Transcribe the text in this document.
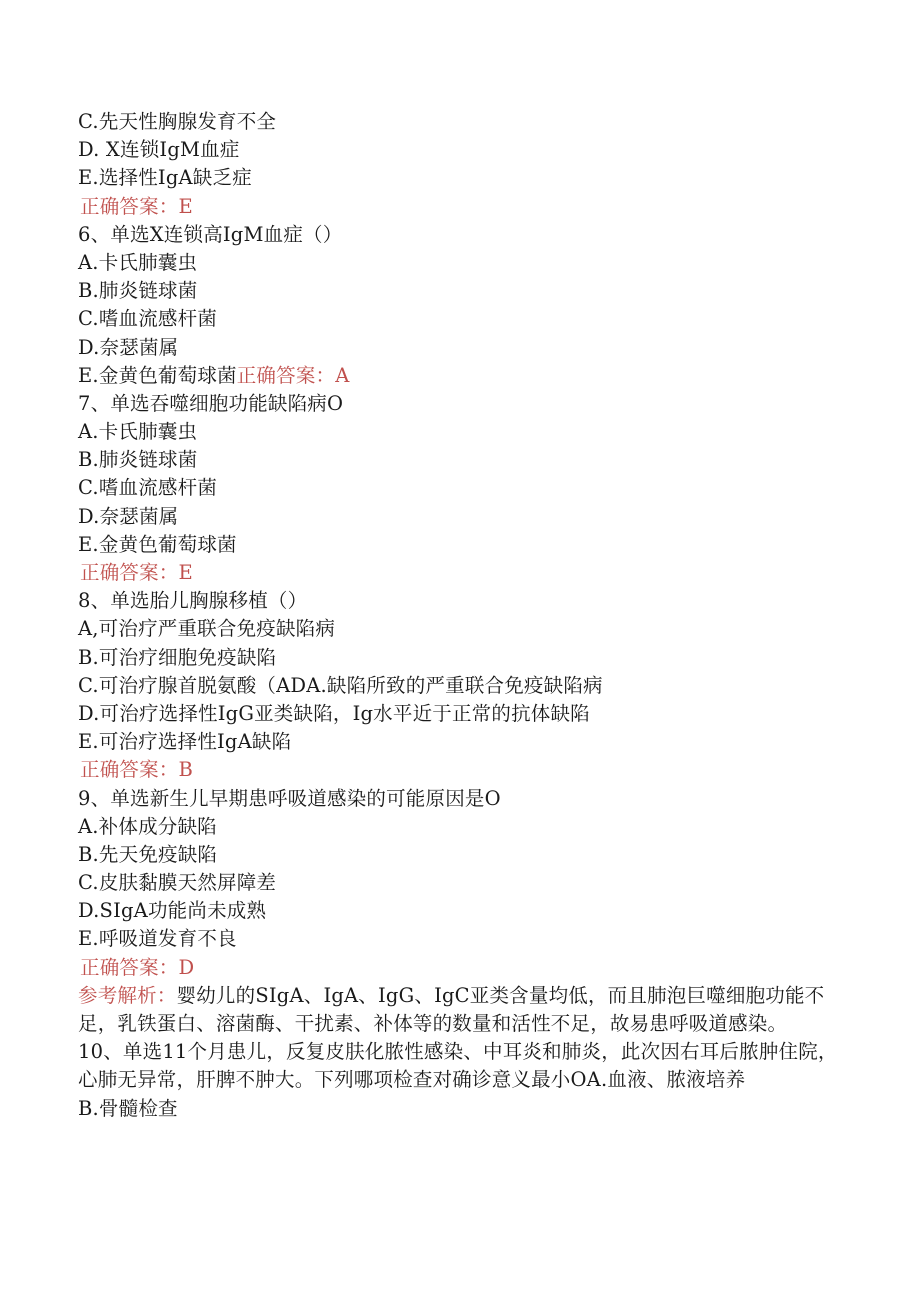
C.先天性胸腺发育不全
D. X连锁IgM血症
E.选择性IgA缺乏症
正确答案：E
6、单选X连锁高IgM血症（）
A.卡氏肺囊虫
B.肺炎链球菌
C.嗜血流感杆菌
D.奈瑟菌属
E.金黄色葡萄球菌正确答案：A
7、单选吞噬细胞功能缺陷病O
A.卡氏肺囊虫
B.肺炎链球菌
C.嗜血流感杆菌
D.奈瑟菌属
E.金黄色葡萄球菌
正确答案：E
8、单选胎儿胸腺移植（）
A,可治疗严重联合免疫缺陷病
B.可治疗细胞免疫缺陷
C.可治疗腺首脱氨酸（ADA.缺陷所致的严重联合免疫缺陷病
D.可治疗选择性IgG亚类缺陷，Ig水平近于正常的抗体缺陷
E.可治疗选择性IgA缺陷
正确答案：B
9、单选新生儿早期患呼吸道感染的可能原因是O
A.补体成分缺陷
B.先天免疫缺陷
C.皮肤黏膜天然屏障差
D.SIgA功能尚未成熟
E.呼吸道发育不良
正确答案：D
参考解析：婴幼儿的SIgA、IgA、IgG、IgC亚类含量均低，而且肺泡巨噬细胞功能不足，乳铁蛋白、溶菌酶、干扰素、补体等的数量和活性不足，故易患呼吸道感染。
10、单选11个月患儿，反复皮肤化脓性感染、中耳炎和肺炎，此次因右耳后脓肿住院，心肺无异常，肝脾不肿大。下列哪项检查对确诊意义最小OA.血液、脓液培养
B.骨髓检查
